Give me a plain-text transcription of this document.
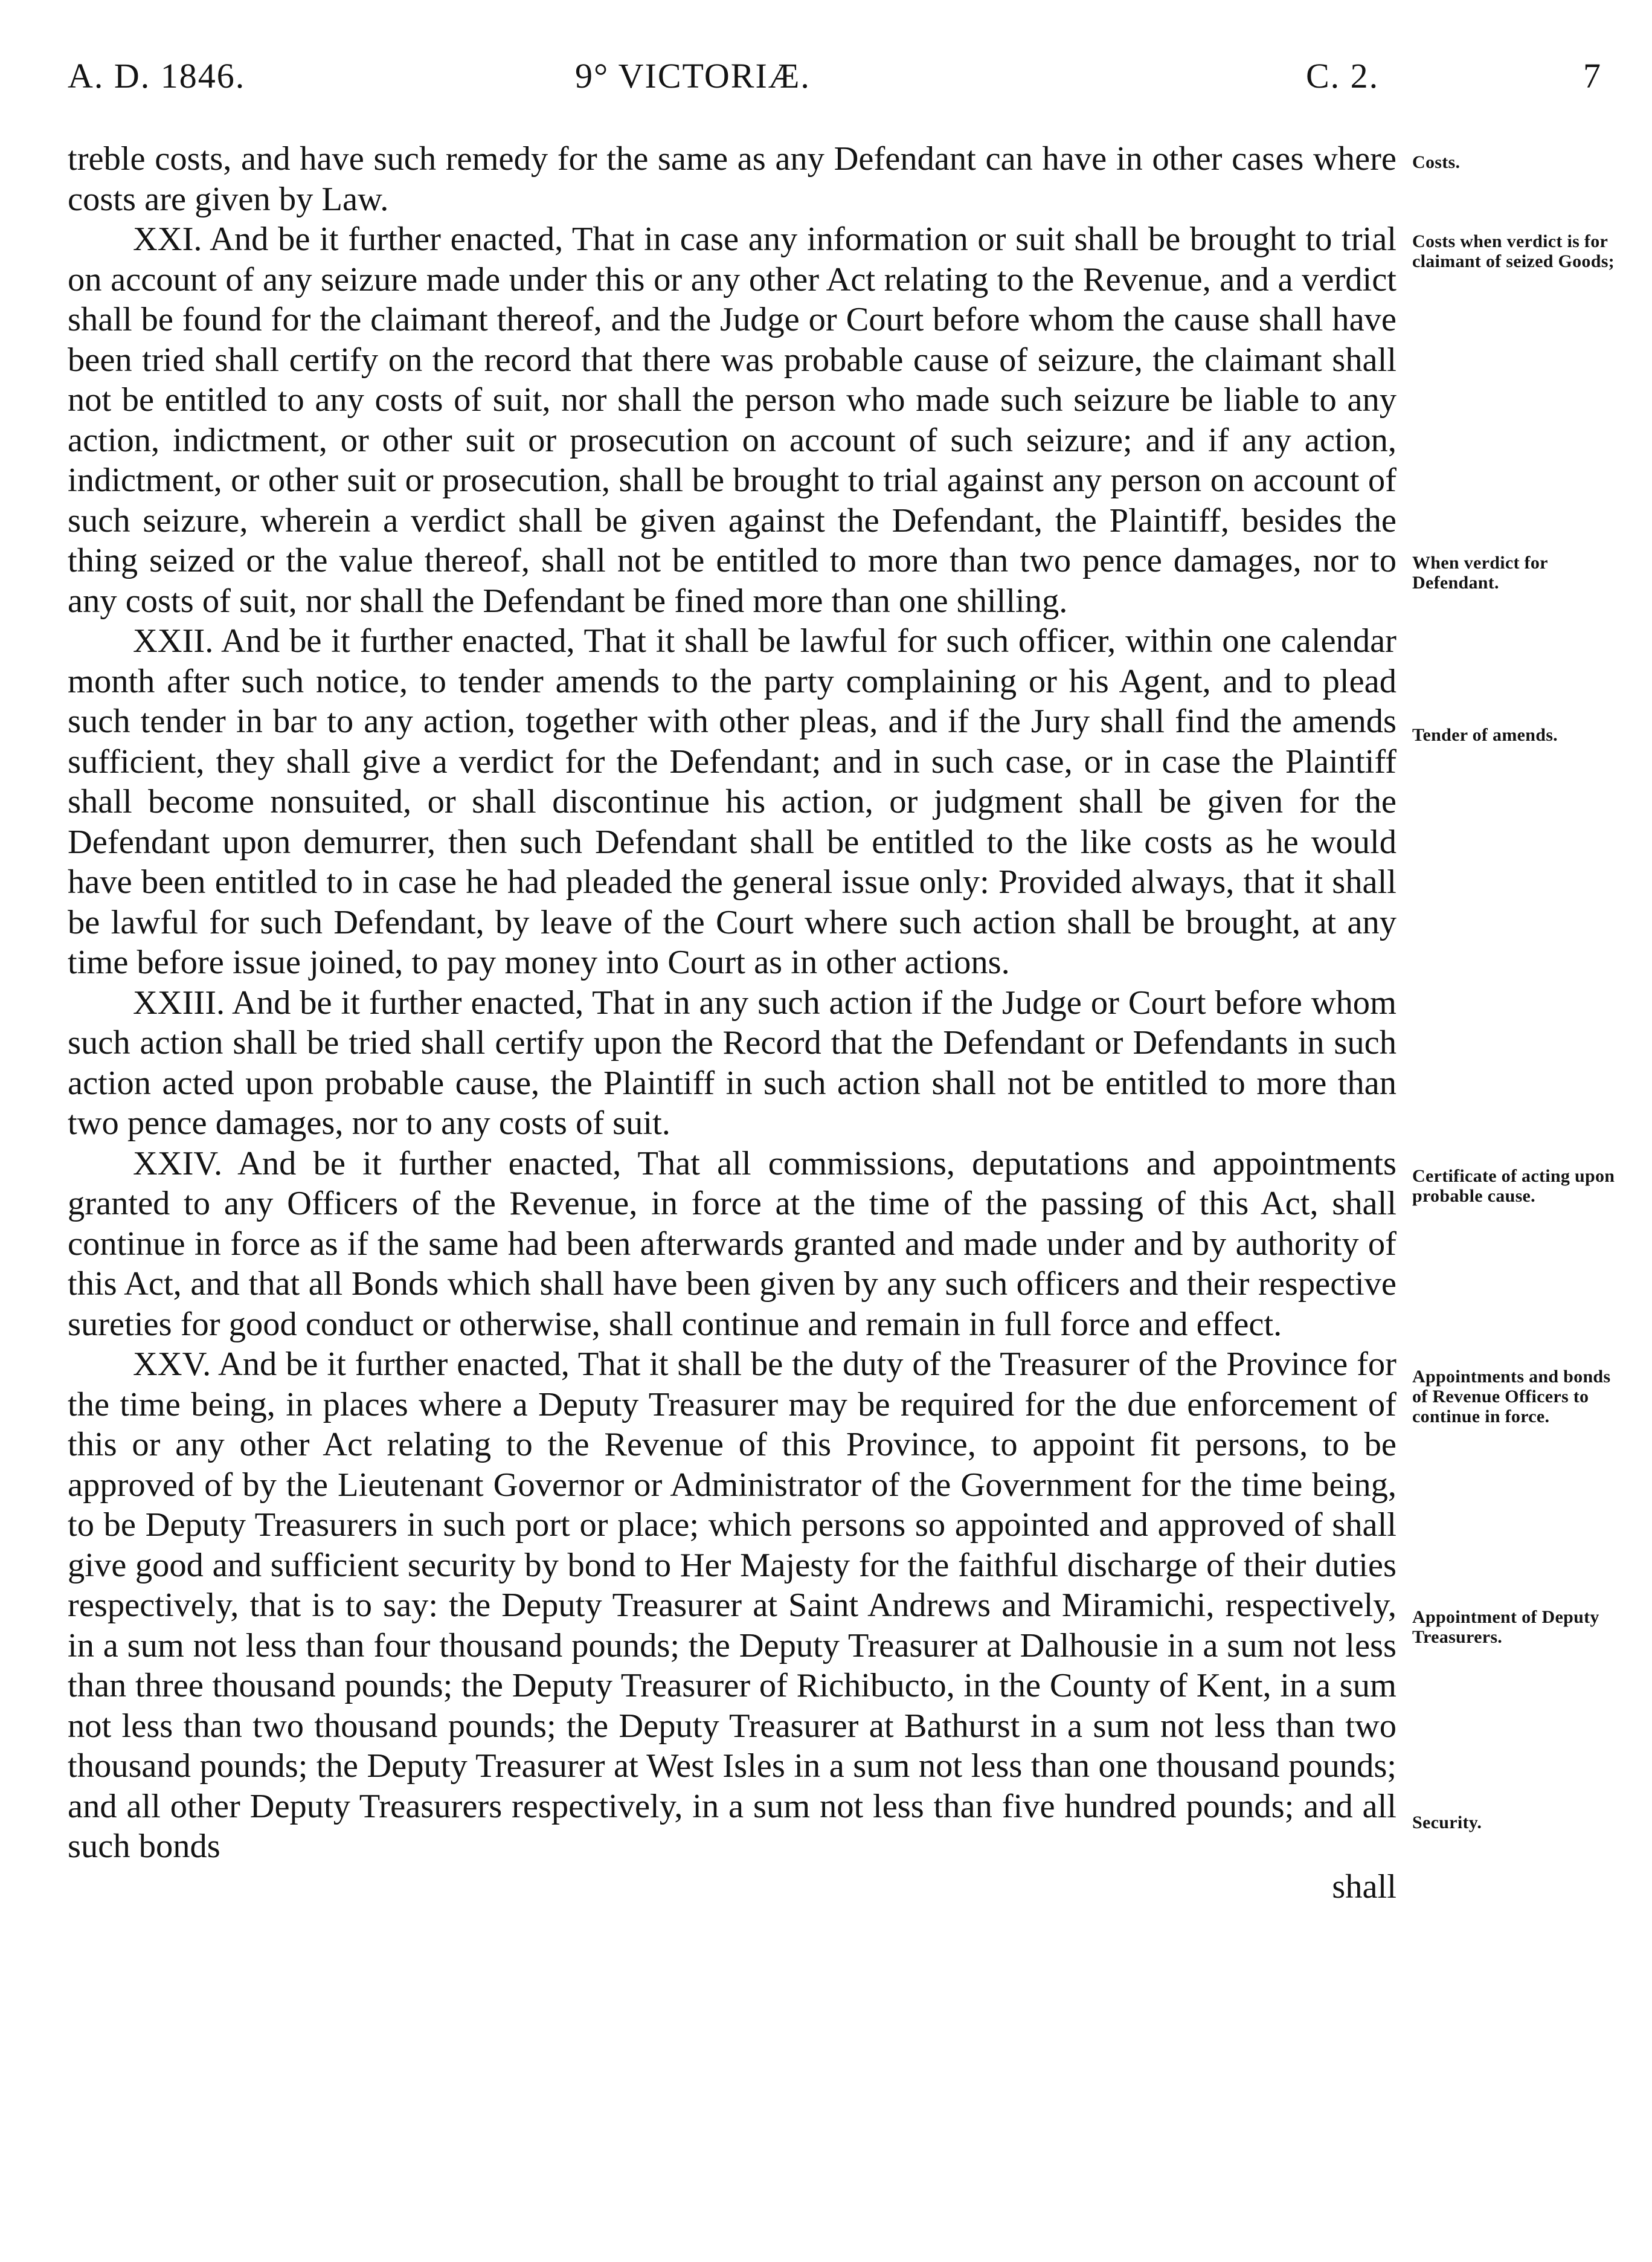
A. D. 1846.	9° VICTORIÆ.	C. 2.	7

treble costs, and have such remedy for the same as any Defendant can have in other cases where costs are given by Law.

XXI. And be it further enacted, That in case any information or suit shall be brought to trial on account of any seizure made under this or any other Act relating to the Revenue, and a verdict shall be found for the claimant thereof, and the Judge or Court before whom the cause shall have been tried shall certify on the record that there was probable cause of seizure, the claimant shall not be entitled to any costs of suit, nor shall the person who made such seizure be liable to any action, indictment, or other suit or prosecution on account of such seizure; and if any action, indictment, or other suit or prosecution, shall be brought to trial against any person on account of such seizure, wherein a verdict shall be given against the Defendant, the Plaintiff, besides the thing seized or the value thereof, shall not be entitled to more than two pence damages, nor to any costs of suit, nor shall the Defendant be fined more than one shilling.

XXII. And be it further enacted, That it shall be lawful for such officer, within one calendar month after such notice, to tender amends to the party complaining or his Agent, and to plead such tender in bar to any action, together with other pleas, and if the Jury shall find the amends sufficient, they shall give a verdict for the Defendant; and in such case, or in case the Plaintiff shall become nonsuited, or shall discontinue his action, or judgment shall be given for the Defendant upon demurrer, then such Defendant shall be entitled to the like costs as he would have been entitled to in case he had pleaded the general issue only: Provided always, that it shall be lawful for such Defendant, by leave of the Court where such action shall be brought, at any time before issue joined, to pay money into Court as in other actions.

XXIII. And be it further enacted, That in any such action if the Judge or Court before whom such action shall be tried shall certify upon the Record that the Defendant or Defendants in such action acted upon probable cause, the Plaintiff in such action shall not be entitled to more than two pence damages, nor to any costs of suit.

XXIV. And be it further enacted, That all commissions, deputations and appointments granted to any Officers of the Revenue, in force at the time of the passing of this Act, shall continue in force as if the same had been afterwards granted and made under and by authority of this Act, and that all Bonds which shall have been given by any such officers and their respective sureties for good conduct or otherwise, shall continue and remain in full force and effect.

XXV. And be it further enacted, That it shall be the duty of the Treasurer of the Province for the time being, in places where a Deputy Treasurer may be required for the due enforcement of this or any other Act relating to the Revenue of this Province, to appoint fit persons, to be approved of by the Lieutenant Governor or Administrator of the Government for the time being, to be Deputy Treasurers in such port or place; which persons so appointed and approved of shall give good and sufficient security by bond to Her Majesty for the faithful discharge of their duties respectively, that is to say: the Deputy Treasurer at Saint Andrews and Miramichi, respectively, in a sum not less than four thousand pounds; the Deputy Treasurer at Dalhousie in a sum not less than three thousand pounds; the Deputy Treasurer of Richibucto, in the County of Kent, in a sum not less than two thousand pounds; the Deputy Treasurer at Bathurst in a sum not less than two thousand pounds; the Deputy Treasurer at West Isles in a sum not less than one thousand pounds; and all other Deputy Treasurers respectively, in a sum not less than five hundred pounds; and all such bonds

shall
Costs.
Costs when verdict is for claimant of seized Goods;
When verdict for Defendant.
Tender of amends.
Certificate of acting upon probable cause.
Appointments and bonds of Revenue Officers to continue in force.
Appointment of Deputy Treasurers.
Security.
